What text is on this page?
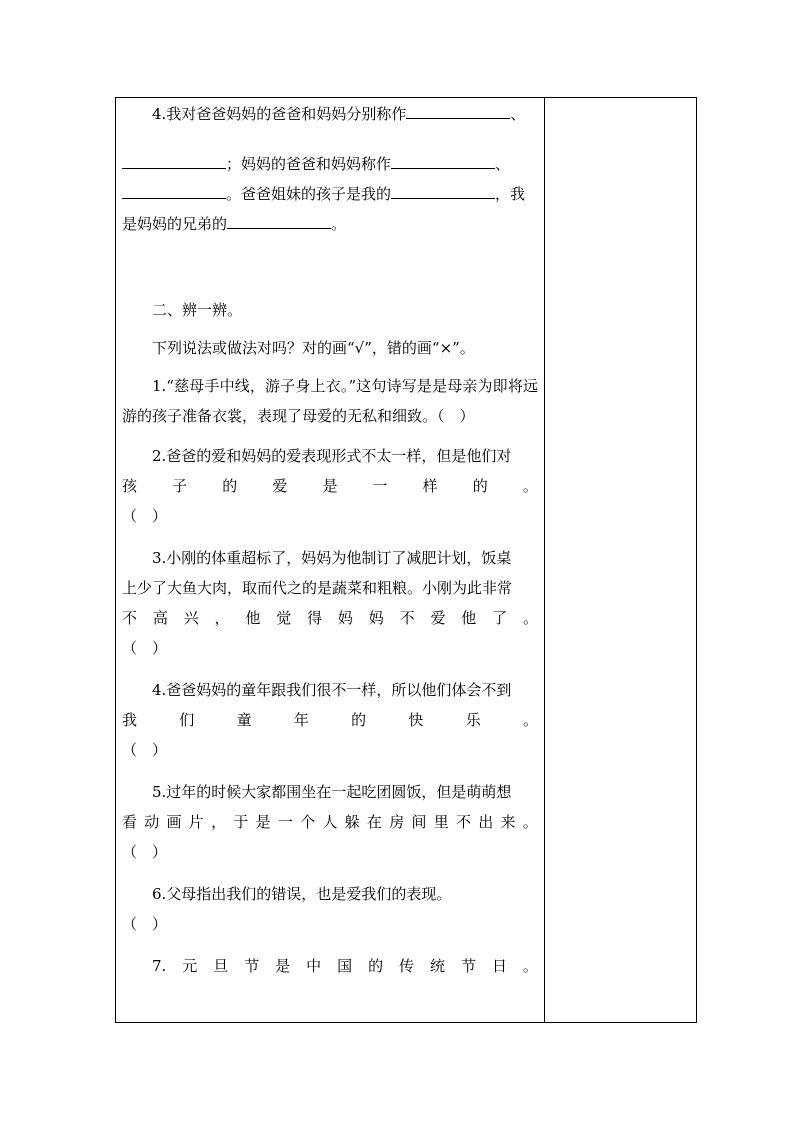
4.我对爸爸妈妈的爸爸和妈妈分别称作	、
；妈妈的爸爸和妈妈称作	、
。爸爸姐妹的孩子是我的	，我
是妈妈的兄弟的	。
二、辨一辨。
下列说法或做法对吗？对的画“√”，错的画“×”。

1.“慈母手中线，游子身上衣。”这句诗写是是母亲为即将远游的孩子准备衣裳，表现了母爱的无私和细致。（　）

2.爸爸的爱和妈妈的爱表现形式不太一样，但是他们对
孩 子 的 爱 是 一 样 的 。
（　）
3.小刚的体重超标了，妈妈为他制订了减肥计划，饭桌
上少了大鱼大肉，取而代之的是蔬菜和粗粮。小刚为此非常
不 高 兴 ， 他 觉 得 妈 妈 不 爱 他 了 。
（　）
4.爸爸妈妈的童年跟我们很不一样，所以他们体会不到
我	们	童	年	的	快	乐	。
（　）
5.过年的时候大家都围坐在一起吃团圆饭，但是萌萌想
看 动 画 片 ， 于 是 一 个 人 躲 在 房 间 里 不 出 来 。
（　）
6.父母指出我们的错误，也是爱我们的表现。
（　）
7. 元 旦 节 是 中 国 的 传 统 节 日 。
